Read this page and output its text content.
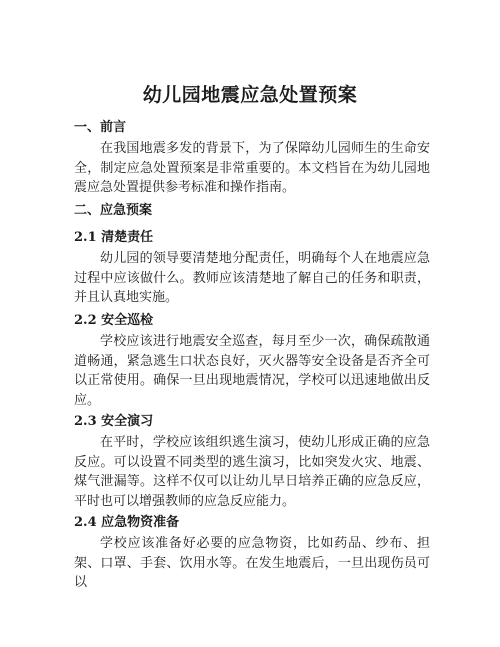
幼儿园地震应急处置预案
一、前言

在我国地震多发的背景下，为了保障幼儿园师生的生命安全，制定应急处置预案是非常重要的。本文档旨在为幼儿园地震应急处置提供参考标准和操作指南。

二、应急预案
2.1 清楚责任

幼儿园的领导要清楚地分配责任，明确每个人在地震应急过程中应该做什么。教师应该清楚地了解自己的任务和职责，并且认真地实施。

2.2 安全巡检

学校应该进行地震安全巡查，每月至少一次，确保疏散通道畅通，紧急逃生口状态良好，灭火器等安全设备是否齐全可以正常使用。确保一旦出现地震情况，学校可以迅速地做出反应。

2.3 安全演习

在平时，学校应该组织逃生演习，使幼儿形成正确的应急反应。可以设置不同类型的逃生演习，比如突发火灾、地震、煤气泄漏等。这样不仅可以让幼儿早日培养正确的应急反应，平时也可以增强教师的应急反应能力。

2.4 应急物资准备

学校应该准备好必要的应急物资，比如药品、纱布、担架、口罩、手套、饮用水等。在发生地震后，一旦出现伤员可以
